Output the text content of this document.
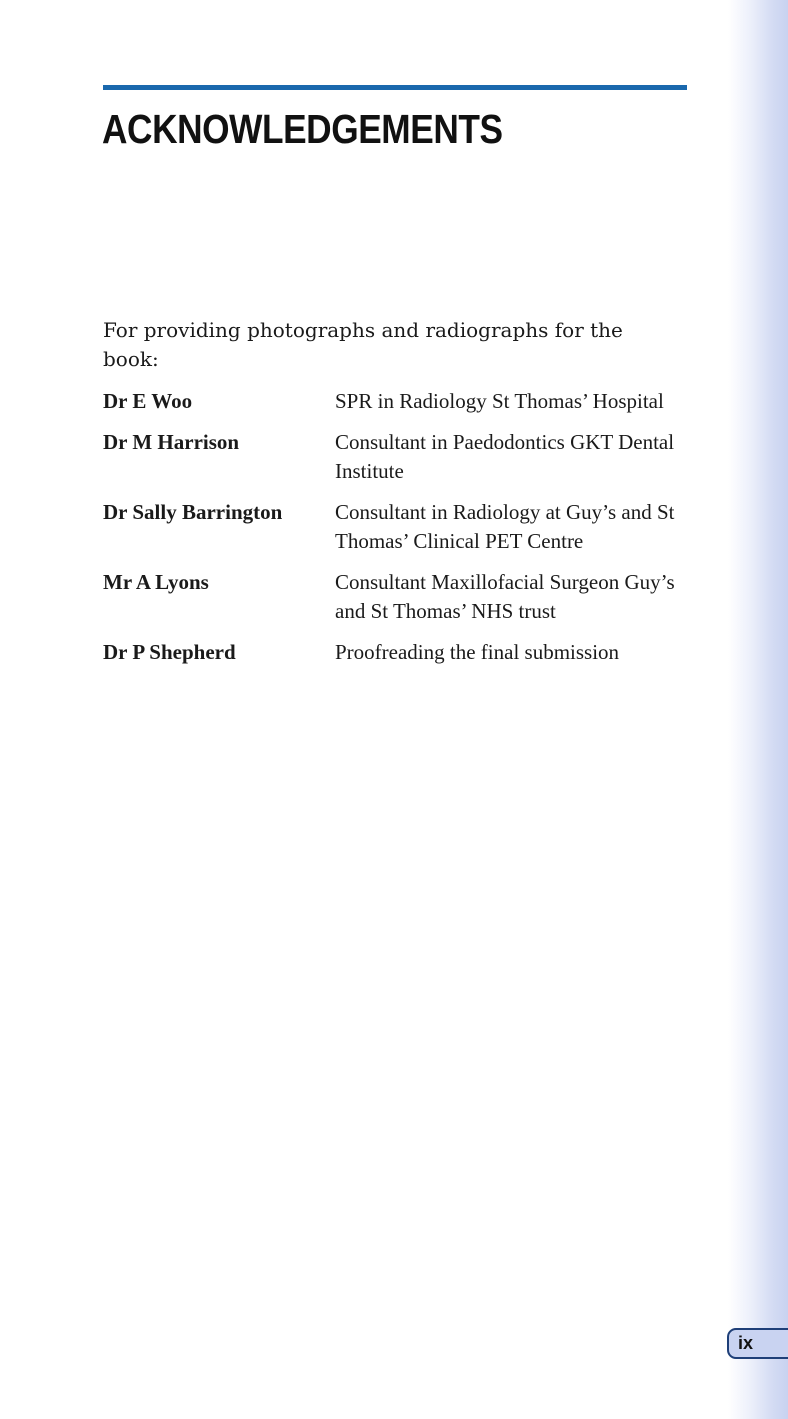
ACKNOWLEDGEMENTS

For providing photographs and radiographs for the book:

Dr E Woo	SPR in Radiology St Thomas’ Hospital
Dr M Harrison	Consultant in Paedodontics GKT Dental Institute
Dr Sally Barrington	Consultant in Radiology at Guy’s and St Thomas’ Clinical PET Centre
Mr A Lyons	Consultant Maxillofacial Surgeon Guy’s and St Thomas’ NHS trust
Dr P Shepherd	Proofreading the final submission
ix
